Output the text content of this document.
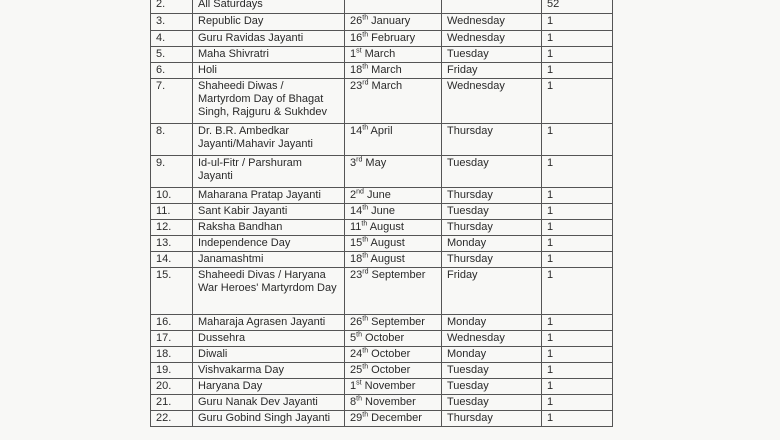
2.	All Saturdays			52
3.	Republic Day	26th January	Wednesday	1
4.	Guru Ravidas Jayanti	16th February	Wednesday	1
5.	Maha Shivratri	1st March	Tuesday	1
6.	Holi	18th March	Friday	1
7.	Shaheedi Diwas / Martyrdom Day of Bhagat Singh, Rajguru & Sukhdev	23rd March	Wednesday	1
8.	Dr. B.R. Ambedkar Jayanti/Mahavir Jayanti	14th April	Thursday	1
9.	Id-ul-Fitr / Parshuram Jayanti	3rd May	Tuesday	1
10.	Maharana Pratap Jayanti	2nd June	Thursday	1
11.	Sant Kabir Jayanti	14th June	Tuesday	1
12.	Raksha Bandhan	11th August	Thursday	1
13.	Independence Day	15th August	Monday	1
14.	Janamashtmi	18th August	Thursday	1
15.	Shaheedi Divas / Haryana War Heroes' Martyrdom Day	23rd September	Friday	1
16.	Maharaja Agrasen Jayanti	26th September	Monday	1
17.	Dussehra	5th October	Wednesday	1
18.	Diwali	24th October	Monday	1
19.	Vishvakarma Day	25th October	Tuesday	1
20.	Haryana Day	1st November	Tuesday	1
21.	Guru Nanak Dev Jayanti	8th November	Tuesday	1
22.	Guru Gobind Singh Jayanti	29th December	Thursday	1
